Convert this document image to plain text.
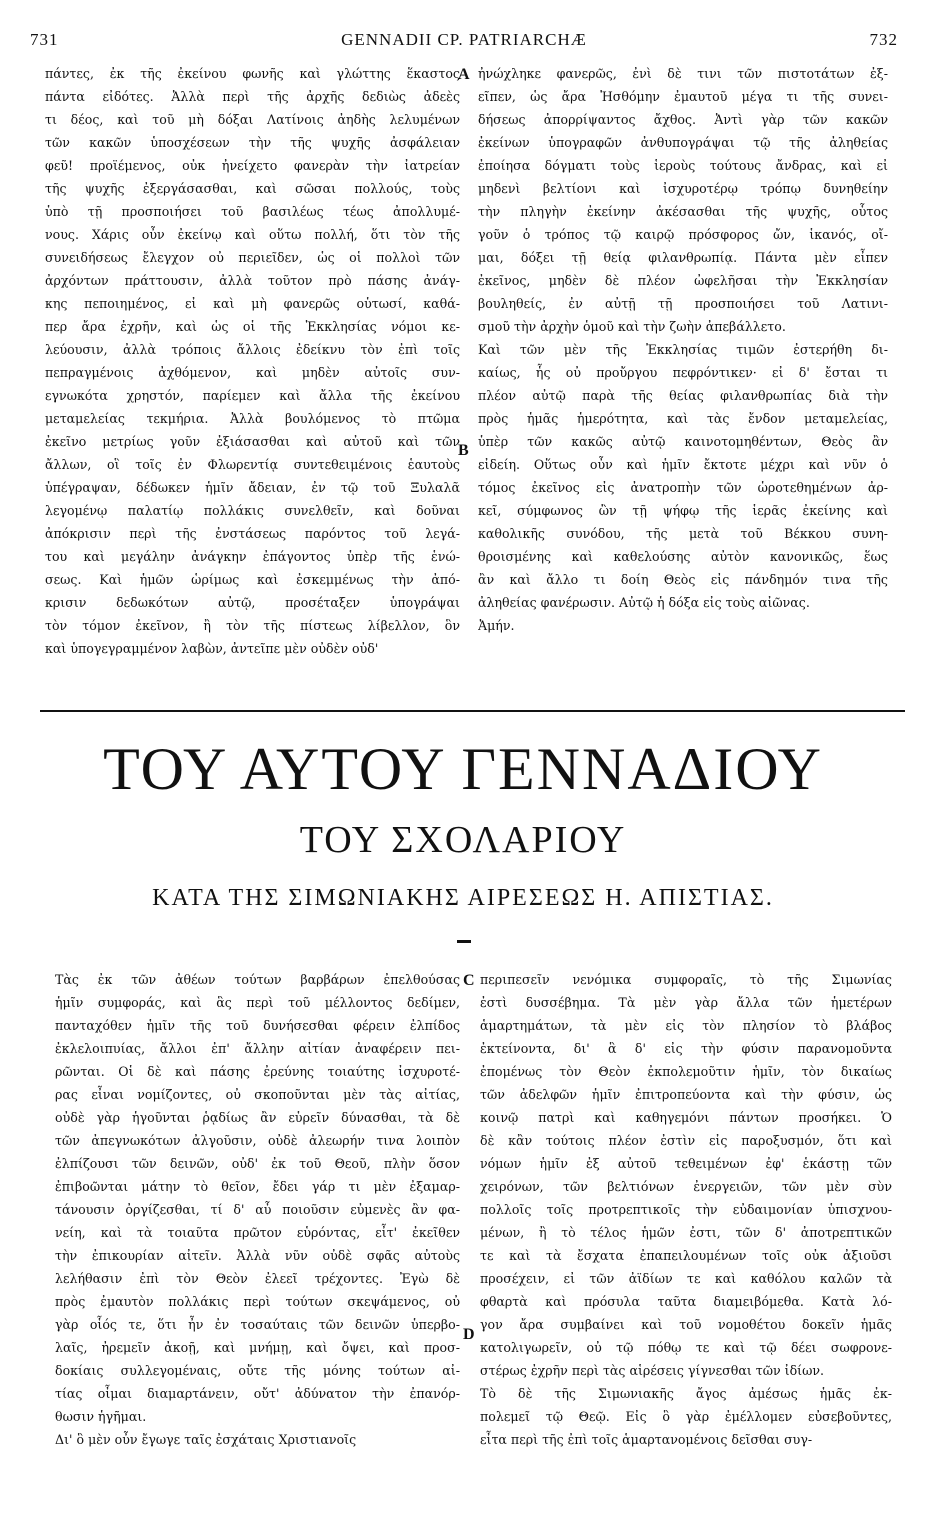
731	GENNADII CP. PATRIARCHÆ	732
πάντες, ἐκ τῆς ἐκείνου φωνῆς καὶ γλώττης ἕκαστος
πάντα εἰδότες. Ἀλλὰ περὶ τῆς ἀρχῆς δεδιὼς ἀδεὲς
τι δέος, καὶ τοῦ μὴ δόξαι Λατίνοις ἀηδὴς λελυμένων
τῶν κακῶν ὑποσχέσεων τὴν τῆς ψυχῆς ἀσφάλειαν
φεῦ! προϊέμενος, οὐκ ἠνείχετο φανερὰν τὴν ἰατρείαν
τῆς ψυχῆς ἐξεργάσασθαι, καὶ σῶσαι πολλούς, τοὺς
ὑπὸ τῇ προσποιήσει τοῦ βασιλέως τέως ἀπολλυμέ-
νους. Χάρις οὖν ἐκείνῳ καὶ οὕτω πολλή, ὅτι τὸν τῆς
συνειδήσεως ἔλεγχον οὐ περιεῖδεν, ὡς οἱ πολλοὶ τῶν
ἀρχόντων πράττουσιν, ἀλλὰ τοῦτον πρὸ πάσης ἀνάγ-
κης πεποιημένος, εἰ καὶ μὴ φανερῶς οὑτωσί, καθά-
περ ἄρα ἐχρῆν, καὶ ὡς οἱ τῆς Ἐκκλησίας νόμοι κε-
λεύουσιν, ἀλλὰ τρόποις ἄλλοις ἐδείκνυ τὸν ἐπὶ τοῖς
πεπραγμένοις ἀχθόμενον, καὶ μηδὲν αὐτοῖς συν-
εγνωκότα χρηστόν, παρίεμεν καὶ ἄλλα τῆς ἐκείνου
μεταμελείας τεκμήρια. Ἀλλὰ βουλόμενος τὸ πτῶμα
ἐκεῖνο μετρίως γοῦν ἐξιάσασθαι καὶ αὐτοῦ καὶ τῶν
ἄλλων, οἳ τοῖς ἐν Φλωρεντίᾳ συντεθειμένοις ἑαυτοὺς
ὑπέγραψαν, δέδωκεν ἡμῖν ἄδειαν, ἐν τῷ τοῦ Ξυλαλᾶ
λεγομένῳ παλατίῳ πολλάκις συνελθεῖν, καὶ δοῦναι
ἀπόκρισιν περὶ τῆς ἐνστάσεως παρόντος τοῦ λεγά-
του καὶ μεγάλην ἀνάγκην ἐπάγοντος ὑπὲρ τῆς ἑνώ-
σεως. Καὶ ἡμῶν ὡρίμως καὶ ἐσκεμμένως τὴν ἀπό-
κρισιν δεδωκότων αὐτῷ, προσέταξεν ὑπογράψαι
τὸν τόμον ἐκεῖνον, ἢ τὸν τῆς πίστεως λίβελλον, ὃν
καὶ ὑπογεγραμμένον λαβὼν, ἀντεῖπε μὲν οὐδὲν οὐδ'
ἠνώχληκε φανερῶς, ἐνὶ δὲ τινι τῶν πιστοτάτων ἐξ-
εῖπεν, ὡς ἄρα Ἠσθόμην ἐμαυτοῦ μέγα τι τῆς συνει-
δήσεως ἀπορρίψαντος ἄχθος. Ἀντὶ γὰρ τῶν κακῶν
ἐκείνων ὑπογραφῶν ἀνθυπογράψαι τῷ τῆς ἀληθείας
ἐποίησα δόγματι τοὺς ἱεροὺς τούτους ἄνδρας, καὶ εἰ
μηδενὶ βελτίονι καὶ ἰσχυροτέρῳ τρόπῳ δυνηθείην
τὴν πληγὴν ἐκείνην ἀκέσασθαι τῆς ψυχῆς, οὗτος
γοῦν ὁ τρόπος τῷ καιρῷ πρόσφορος ὤν, ἱκανός, οἴ-
μαι, δόξει τῇ θείᾳ φιλανθρωπίᾳ. Πάντα μὲν εἶπεν
ἐκεῖνος, μηδὲν δὲ πλέον ὠφελῆσαι τὴν Ἐκκλησίαν
βουληθείς, ἐν αὐτῇ τῇ προσποιήσει τοῦ Λατινι-
σμοῦ τὴν ἀρχὴν ὁμοῦ καὶ τὴν ζωὴν ἀπεβάλλετο.
Καὶ τῶν μὲν τῆς Ἐκκλησίας τιμῶν ἐστερήθη δι-
καίως, ἧς οὐ προὔργου πεφρόντικεν· εἰ δ' ἔσται τι
πλέον αὐτῷ παρὰ τῆς θείας φιλανθρωπίας διὰ τὴν
πρὸς ἡμᾶς ἡμερότητα, καὶ τὰς ἔνδον μεταμελείας,
ὑπὲρ τῶν κακῶς αὐτῷ καινοτομηθέντων, Θεὸς ἂν
εἰδείη. Οὕτως οὖν καὶ ἡμῖν ἔκτοτε μέχρι καὶ νῦν ὁ
τόμος ἐκεῖνος εἰς ἀνατροπὴν τῶν ὡροτεθημένων ἀρ-
κεῖ, σύμφωνος ὢν τῇ ψήφῳ τῆς ἱερᾶς ἐκείνης καὶ
καθολικῆς συνόδου, τῆς μετὰ τοῦ Βέκκου συνη-
θροισμένης καὶ καθελούσης αὐτὸν κανονικῶς, ἕως
ἂν καὶ ἄλλο τι δοίη Θεὸς εἰς πάνδημόν τινα τῆς
ἀληθείας φανέρωσιν. Αὐτῷ ἡ δόξα εἰς τοὺς αἰῶνας.
Ἀμήν.
A
B
ΤΟΥ ΑΥΤΟΥ ΓΕΝΝΑΔΙΟΥ
ΤΟΥ ΣΧΟΛΑΡΙΟΥ
ΚΑΤΑ ΤΗΣ ΣΙΜΩΝΙΑΚΗΣ ΑΙΡΕΣΕΩΣ Η. ΑΠΙΣΤΙΑΣ.
Τὰς ἐκ τῶν ἀθέων τούτων βαρβάρων ἐπελθούσας
ἡμῖν συμφοράς, καὶ ἃς περὶ τοῦ μέλλοντος δεδίμεν,
πανταχόθεν ἡμῖν τῆς τοῦ δυνήσεσθαι φέρειν ἐλπίδος
ἐκλελοιπυίας, ἄλλοι ἐπ' ἄλλην αἰτίαν ἀναφέρειν πει-
ρῶνται. Οἱ δὲ καὶ πάσης ἐρεύνης τοιαύτης ἰσχυροτέ-
ρας εἶναι νομίζοντες, οὐ σκοποῦνται μὲν τὰς αἰτίας,
οὐδὲ γὰρ ἡγοῦνται ῥᾳδίως ἂν εὑρεῖν δύνασθαι, τὰ δὲ
τῶν ἀπεγνωκότων ἀλγοῦσιν, οὐδὲ ἀλεωρήν τινα λοιπὸν
ἐλπίζουσι τῶν δεινῶν, οὐδ' ἐκ τοῦ Θεοῦ, πλὴν ὅσον
ἐπιβοῶνται μάτην τὸ θεῖον, ἔδει γάρ τι μὲν ἐξαμαρ-
τάνουσιν ὀργίζεσθαι, τί δ' αὖ ποιοῦσιν εὐμενὲς ἂν φα-
νείη, καὶ τὰ τοιαῦτα πρῶτον εὑρόντας, εἶτ' ἐκεῖθεν
τὴν ἐπικουρίαν αἰτεῖν. Ἀλλὰ νῦν οὐδὲ σφᾶς αὐτοὺς
λελήθασιν ἐπὶ τὸν Θεὸν ἐλεεῖ τρέχοντες. Ἐγὼ δὲ
πρὸς ἐμαυτὸν πολλάκις περὶ τούτων σκεψάμενος, οὐ
γὰρ οἷός τε, ὅτι ἦν ἐν τοσαύταις τῶν δεινῶν ὑπερβο-
λαῖς, ἠρεμεῖν ἀκοῇ, καὶ μνήμῃ, καὶ ὄψει, καὶ προσ-
δοκίαις συλλεγομέναις, οὔτε τῆς μόνης τούτων αἰ-
τίας οἶμαι διαμαρτάνειν, οὔτ' ἀδύνατον τὴν ἐπανόρ-
θωσιν ἡγῆμαι.
Δι' ὃ μὲν οὖν ἔγωγε ταῖς ἐσχάταις Χριστιανοῖς
περιπεσεῖν νενόμικα συμφοραῖς, τὸ τῆς Σιμωνίας
ἐστὶ δυσσέβημα. Τὰ μὲν γὰρ ἄλλα τῶν ἡμετέρων
ἁμαρτημάτων, τὰ μὲν εἰς τὸν πλησίον τὸ βλάβος
ἐκτείνοντα, δι' ἃ δ' εἰς τὴν φύσιν παρανομοῦντα
ἐπομένως τὸν Θεὸν ἐκπολεμοῦτιν ἡμῖν, τὸν δικαίως
τῶν ἀδελφῶν ἡμῖν ἐπιτροπεύοντα καὶ τὴν φύσιν, ὡς
κοινῷ πατρὶ καὶ καθηγεμόνι πάντων προσήκει. Ὁ
δὲ κἂν τούτοις πλέον ἐστὶν εἰς παροξυσμόν, ὅτι καὶ
νόμων ἡμῖν ἐξ αὐτοῦ τεθειμένων ἐφ' ἑκάστῃ τῶν
χειρόνων, τῶν βελτιόνων ἐνεργειῶν, τῶν μὲν σὺν
πολλοῖς τοῖς προτρεπτικοῖς τὴν εὐδαιμονίαν ὑπισχνου-
μένων, ἢ τὸ τέλος ἡμῶν ἐστι, τῶν δ' ἀποτρεπτικῶν
τε καὶ τὰ ἔσχατα ἐπαπειλουμένων τοῖς οὐκ ἀξιοῦσι
προσέχειν, εἰ τῶν ἀϊδίων τε καὶ καθόλου καλῶν τὰ
φθαρτὰ καὶ πρόσυλα ταῦτα διαμειβόμεθα. Κατὰ λό-
γον ἄρα συμβαίνει καὶ τοῦ νομοθέτου δοκεῖν ἡμᾶς
κατολιγωρεῖν, οὐ τῷ πόθῳ τε καὶ τῷ δέει σωφρονε-
στέρως ἐχρῆν περὶ τὰς αἱρέσεις γίγνεσθαι τῶν ἰδίων.
Τὸ δὲ τῆς Σιμωνιακῆς ἄγος ἀμέσως ἡμᾶς ἐκ-
πολεμεῖ τῷ Θεῷ. Εἰς ὃ γὰρ ἐμέλλομεν εὐσεβοῦντες,
εἶτα περὶ τῆς ἐπὶ τοῖς ἁμαρτανομένοις δεῖσθαι συγ-
C
D
